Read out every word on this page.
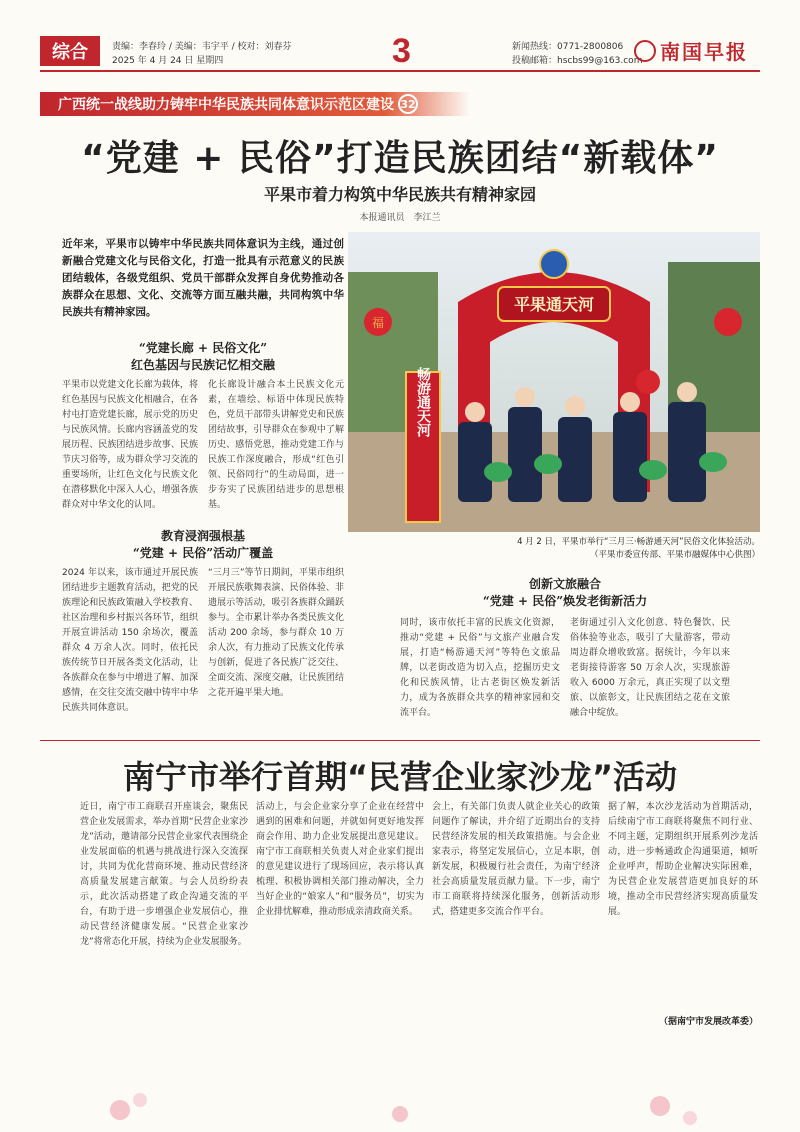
综合	责编：李春玲 / 美编：韦宇平 / 校对：刘春芬
2025 年 4 月 24 日 星期四	3	新闻热线：0771-2800806
投稿邮箱：hscbs99@163.com 南国早报
广西统一战线助力铸牢中华民族共同体意识示范区建设 32
“党建 + 民俗”打造民族团结“新载体”
平果市着力构筑中华民族共有精神家园
本报通讯员　李江兰
近年来，平果市以铸牢中华民族共同体意识为主线，通过创新融合党建文化与民俗文化，打造一批具有示范意义的民族团结载体，各级党组织、党员干部群众发挥自身优势推动各族群众在思想、文化、交流等方面互融共融，共同构筑中华民族共有精神家园。
“党建长廊 + 民俗文化”
红色基因与民族记忆相交融
平果市以党建文化长廊为载体，将红色基因与民族文化相融合，在各村屯打造党建长廊，展示党的历史与民族风情。长廊内容涵盖党的发展历程、民族团结进步故事、民族节庆习俗等，成为群众学习交流的重要场所，让红色文化与民族文化在潜移默化中深入人心，增强各族群众对中华文化的认同。
化长廊设计融合本土民族文化元素，在墙绘、标语中体现民族特色，党员干部带头讲解党史和民族团结故事，引导群众在参观中了解历史、感悟党恩，推动党建工作与民族工作深度融合，形成“红色引领、民俗同行”的生动局面，进一步夯实了民族团结进步的思想根基。
教育浸润强根基
“党建 + 民俗”活动广覆盖
2024 年以来，该市通过开展民族团结进步主题教育活动，把党的民族理论和民族政策融入学校教育、社区治理和乡村振兴各环节，组织开展宣讲活动 150 余场次，覆盖群众 4 万余人次。同时，依托民族传统节日开展各类文化活动，让各族群众在参与中增进了解、加深感情，在交往交流交融中铸牢中华民族共同体意识。
“三月三”等节日期间，平果市组织开展民族歌舞表演、民俗体验、非遗展示等活动，吸引各族群众踊跃参与。全市累计举办各类民族文化活动 200 余场，参与群众 10 万余人次，有力推动了民族文化传承与创新，促进了各民族广泛交往、全面交流、深度交融，让民族团结之花开遍平果大地。
平果通天河
畅游通天河
福
4 月 2 日，平果市举行“三月三·畅游通天河”民俗文化体验活动。
（平果市委宣传部、平果市融媒体中心供图）
创新文旅融合
“党建 + 民俗”焕发老街新活力
同时，该市依托丰富的民族文化资源，推动“党建 + 民俗”与文旅产业融合发展，打造“畅游通天河”等特色文旅品牌，以老街改造为切入点，挖掘历史文化和民族风情，让古老街区焕发新活力，成为各族群众共享的精神家园和交流平台。
老街通过引入文化创意、特色餐饮、民俗体验等业态，吸引了大量游客，带动周边群众增收致富。据统计，今年以来老街接待游客 50 万余人次，实现旅游收入 6000 万余元，真正实现了以文塑旅、以旅彰文，让民族团结之花在文旅融合中绽放。
南宁市举行首期“民营企业家沙龙”活动
近日，南宁市工商联召开座谈会，聚焦民营企业发展需求，举办首期“民营企业家沙龙”活动，邀请部分民营企业家代表围绕企业发展面临的机遇与挑战进行深入交流探讨，共同为优化营商环境、推动民营经济高质量发展建言献策。与会人员纷纷表示，此次活动搭建了政企沟通交流的平台，有助于进一步增强企业发展信心，推动民营经济健康发展。“民营企业家沙龙”将常态化开展，持续为企业发展服务。
活动上，与会企业家分享了企业在经营中遇到的困难和问题，并就如何更好地发挥商会作用、助力企业发展提出意见建议。南宁市工商联相关负责人对企业家们提出的意见建议进行了现场回应，表示将认真梳理、积极协调相关部门推动解决，全力当好企业的“娘家人”和“服务员”，切实为企业排忧解难，推动形成亲清政商关系。
会上，有关部门负责人就企业关心的政策问题作了解读，并介绍了近期出台的支持民营经济发展的相关政策措施。与会企业家表示，将坚定发展信心，立足本职，创新发展，积极履行社会责任，为南宁经济社会高质量发展贡献力量。下一步，南宁市工商联将持续深化服务，创新活动形式，搭建更多交流合作平台。
据了解，本次沙龙活动为首期活动，后续南宁市工商联将聚焦不同行业、不同主题，定期组织开展系列沙龙活动，进一步畅通政企沟通渠道，倾听企业呼声，帮助企业解决实际困难，为民营企业发展营造更加良好的环境，推动全市民营经济实现高质量发展。
（据南宁市发展改革委）
